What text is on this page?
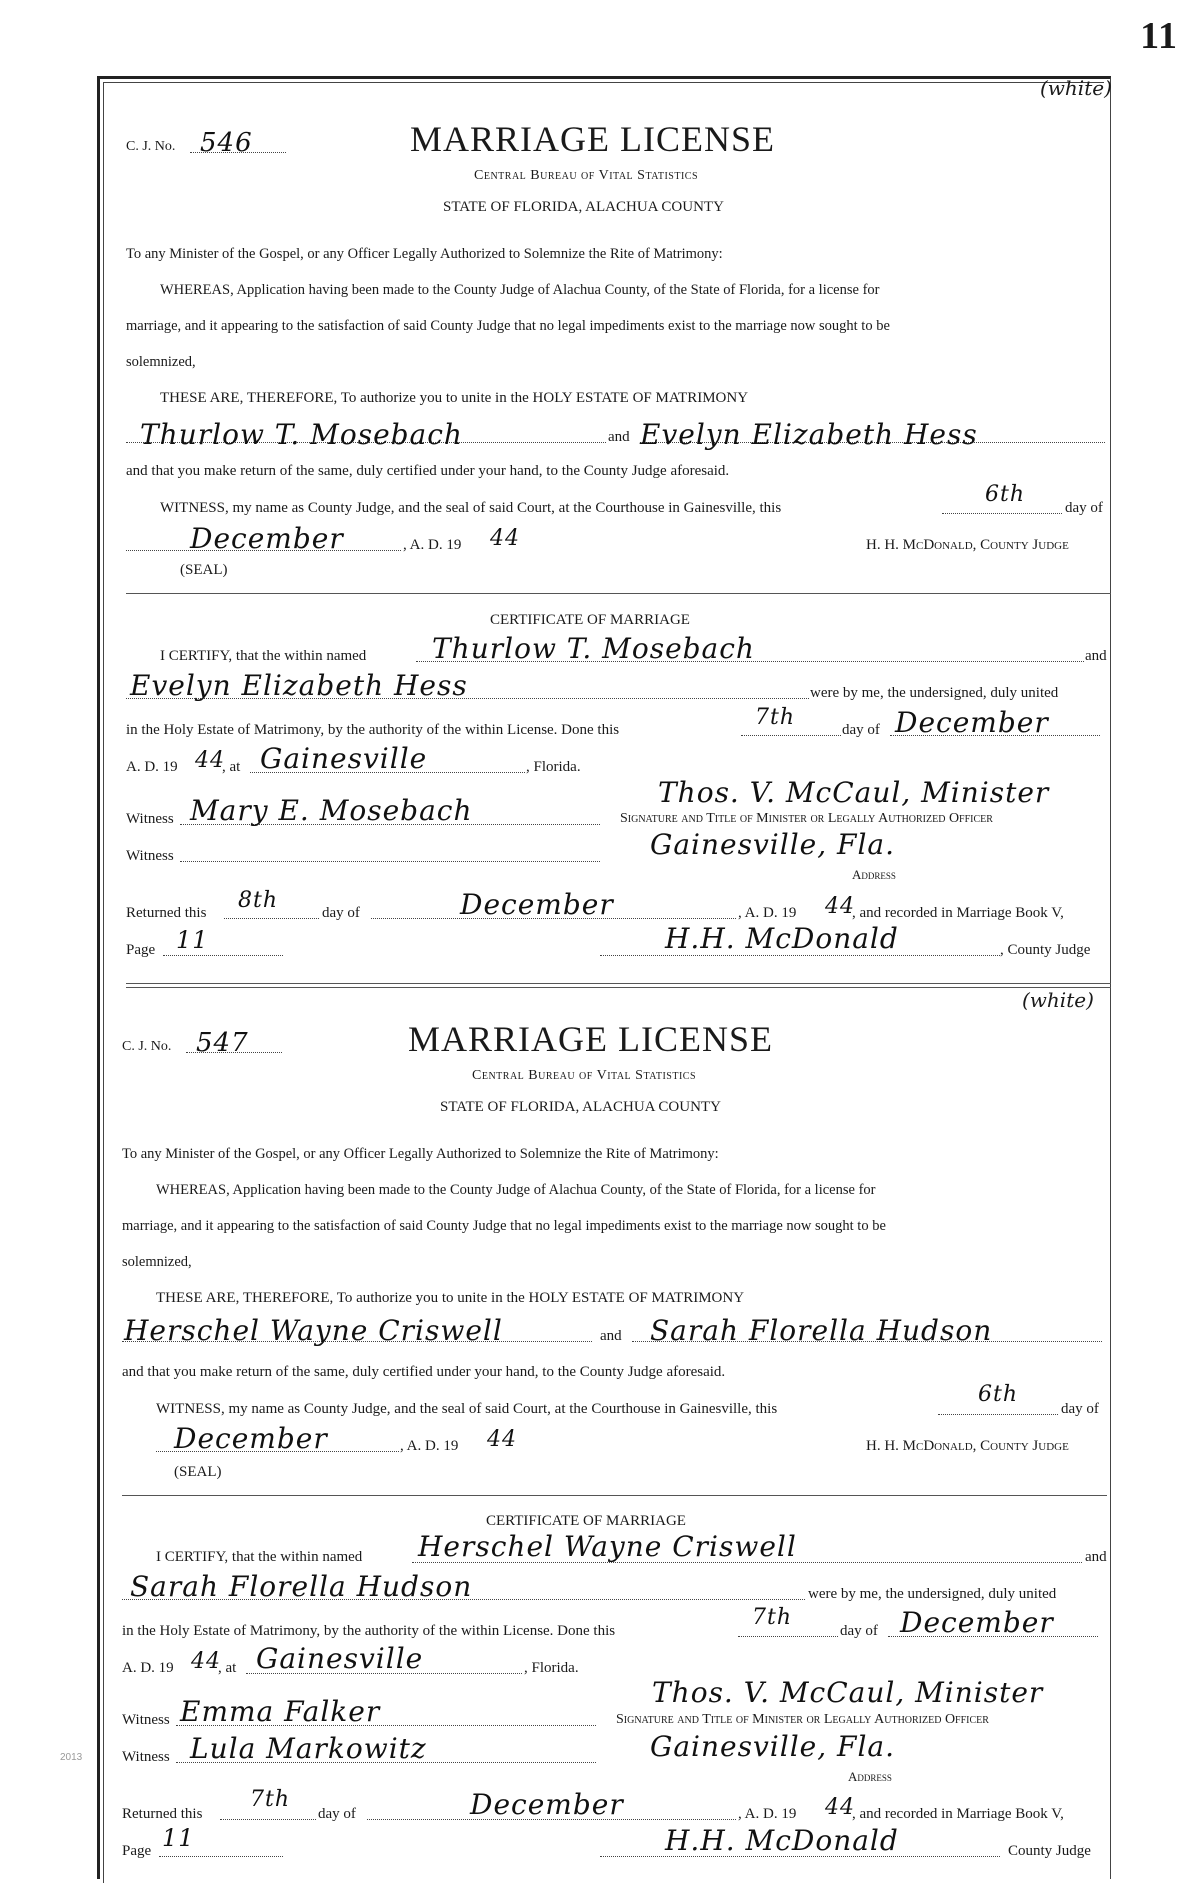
11
2013
(white)
C. J. No. 546	MARRIAGE LICENSE
Central Bureau of Vital Statistics
STATE OF FLORIDA, ALACHUA COUNTY
To any Minister of the Gospel, or any Officer Legally Authorized to Solemnize the Rite of Matrimony:
WHEREAS, Application having been made to the County Judge of Alachua County, of the State of Florida, for a license for
marriage, and it appearing to the satisfaction of said County Judge that no legal impediments exist to the marriage now sought to be
solemnized,
THESE ARE, THEREFORE, To authorize you to unite in the HOLY ESTATE OF MATRIMONY
Thurlow T. Mosebach	and Evelyn Elizabeth Hess
and that you make return of the same, duly certified under your hand, to the County Judge aforesaid.
WITNESS, my name as County Judge, and the seal of said Court, at the Courthouse in Gainesville, this
6th
day of
December	, A. D. 19 44	H. H. McDonald, County Judge
(SEAL)
CERTIFICATE OF MARRIAGE
I CERTIFY, that the within named Thurlow T. Mosebach	and
Evelyn Elizabeth Hess	were by me, the undersigned, duly united
in the Holy Estate of Matrimony, by the authority of the within License. Done this	7th	day of December
A. D. 19 44
, at Gainesville	, Florida.
Thos. V. McCaul, Minister
Witness Mary E. Mosebach	Signature and Title of Minister or Legally Authorized Officer
Witness	Gainesville, Fla.
Address
Returned this 8th	day of	December	, A. D. 19 44
, and recorded in Marriage Book V,
Page 11	H.H. McDonald	, County Judge
(white)
C. J. No. 547	MARRIAGE LICENSE
Central Bureau of Vital Statistics
STATE OF FLORIDA, ALACHUA COUNTY
To any Minister of the Gospel, or any Officer Legally Authorized to Solemnize the Rite of Matrimony:
WHEREAS, Application having been made to the County Judge of Alachua County, of the State of Florida, for a license for
marriage, and it appearing to the satisfaction of said County Judge that no legal impediments exist to the marriage now sought to be
solemnized,
THESE ARE, THEREFORE, To authorize you to unite in the HOLY ESTATE OF MATRIMONY
Herschel Wayne Criswell	and Sarah Florella Hudson
and that you make return of the same, duly certified under your hand, to the County Judge aforesaid.
WITNESS, my name as County Judge, and the seal of said Court, at the Courthouse in Gainesville, this
6th
day of
December	, A. D. 19 44	H. H. McDonald, County Judge
(SEAL)
CERTIFICATE OF MARRIAGE
I CERTIFY, that the within named Herschel Wayne Criswell	and
Sarah Florella Hudson	were by me, the undersigned, duly united
in the Holy Estate of Matrimony, by the authority of the within License. Done this
7th
day of December
A. D. 19 44
, at Gainesville	, Florida.
Thos. V. McCaul, Minister
Witness Emma Falker	Signature and Title of Minister or Legally Authorized Officer
Witness Lula Markowitz	Gainesville, Fla.
Address
Returned this
7th
day of	December	, A. D. 19 44
, and recorded in Marriage Book V,
Page 11	H.H. McDonald	County Judge
